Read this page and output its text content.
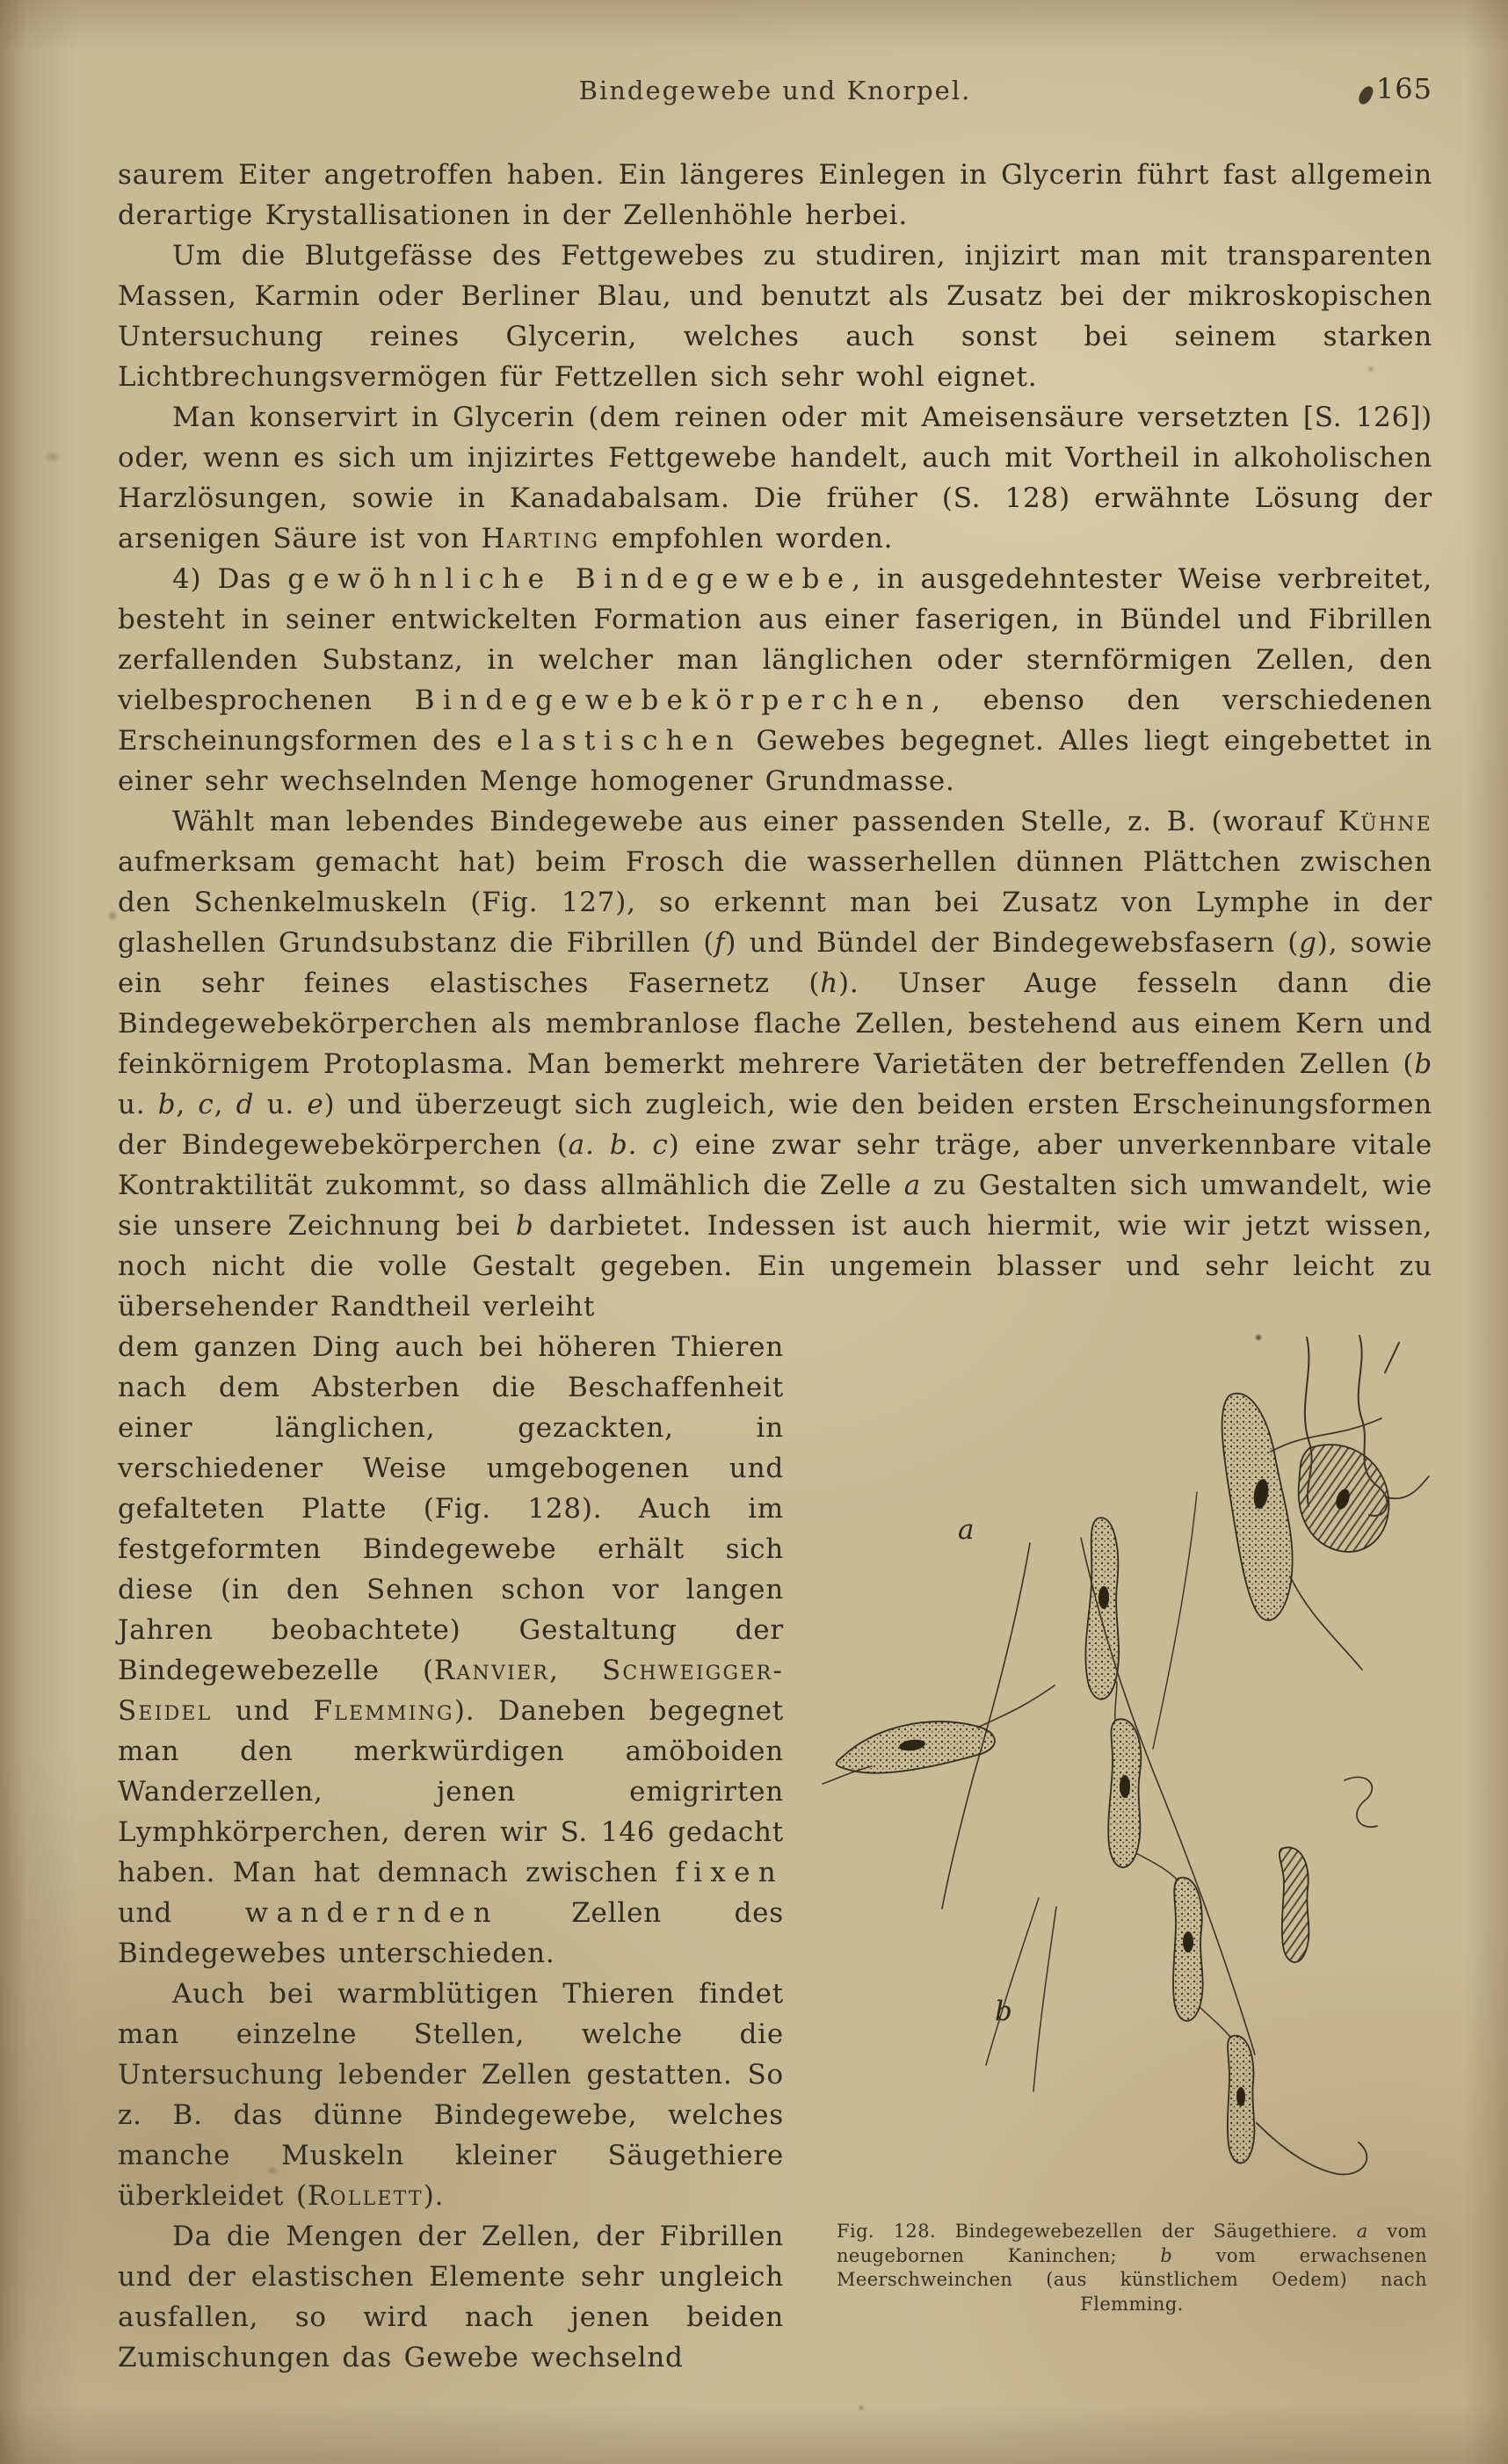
Bindegewebe und Knorpel.	165

saurem Eiter angetroffen haben. Ein längeres Einlegen in Glycerin führt fast allgemein derartige Krystallisationen in der Zellenhöhle herbei.

Um die Blutgefässe des Fettgewebes zu studiren, injizirt man mit transparenten Massen, Karmin oder Berliner Blau, und benutzt als Zusatz bei der mikroskopischen Untersuchung reines Glycerin, welches auch sonst bei seinem starken Lichtbrechungsvermögen für Fettzellen sich sehr wohl eignet.

Man konservirt in Glycerin (dem reinen oder mit Ameisensäure versetzten [S. 126]) oder, wenn es sich um injizirtes Fettgewebe handelt, auch mit Vortheil in alkoholischen Harzlösungen, sowie in Kanadabalsam. Die früher (S. 128) erwähnte Lösung der arsenigen Säure ist von Harting empfohlen worden.

4) Das gewöhnliche Bindegewebe, in ausgedehntester Weise verbreitet, besteht in seiner entwickelten Formation aus einer faserigen, in Bündel und Fibrillen zerfallenden Substanz, in welcher man länglichen oder sternförmigen Zellen, den vielbesprochenen Bindegewebekörperchen, ebenso den verschiedenen Erscheinungsformen des elastischen Gewebes begegnet. Alles liegt eingebettet in einer sehr wechselnden Menge homogener Grundmasse.

Wählt man lebendes Bindegewebe aus einer passenden Stelle, z. B. (worauf Kühne aufmerksam gemacht hat) beim Frosch die wasserhellen dünnen Plättchen zwischen den Schenkelmuskeln (Fig. 127), so erkennt man bei Zusatz von Lymphe in der glashellen Grundsubstanz die Fibrillen (f) und Bündel der Bindegewebsfasern (g), sowie ein sehr feines elastisches Fasernetz (h). Unser Auge fesseln dann die Bindegewebekörperchen als membranlose flache Zellen, bestehend aus einem Kern und feinkörnigem Protoplasma. Man bemerkt mehrere Varietäten der betreffenden Zellen (b u. b, c, d u. e) und überzeugt sich zugleich, wie den beiden ersten Erscheinungsformen der Bindegewebekörperchen (a. b. c) eine zwar sehr träge, aber unverkennbare vitale Kontraktilität zukommt, so dass allmählich die Zelle a zu Gestalten sich umwandelt, wie sie unsere Zeichnung bei b darbietet. Indessen ist auch hiermit, wie wir jetzt wissen, noch nicht die volle Gestalt gegeben. Ein ungemein blasser und sehr leicht zu übersehender Randtheil verleiht

a
b
Fig. 128. Bindegewebezellen der Säugethiere. a vom neugebornen Kaninchen; b vom erwachsenen Meerschweinchen (aus künstlichem Oedem) nach Flemming.

dem ganzen Ding auch bei höheren Thieren nach dem Absterben die Beschaffenheit einer länglichen, gezackten, in verschiedener Weise umgebogenen und gefalteten Platte (Fig. 128). Auch im festgeformten Bindegewebe erhält sich diese (in den Sehnen schon vor langen Jahren beobachtete) Gestaltung der Bindegewebezelle (Ranvier, Schweigger-Seidel und Flemming). Daneben begegnet man den merkwürdigen amöboiden Wanderzellen, jenen emigrirten Lymphkörperchen, deren wir S. 146 gedacht haben. Man hat demnach zwischen fixen und wandernden Zellen des Bindegewebes unterschieden.

Auch bei warmblütigen Thieren findet man einzelne Stellen, welche die Untersuchung lebender Zellen gestatten. So z. B. das dünne Bindegewebe, welches manche Muskeln kleiner Säugethiere überkleidet (Rollett).

Da die Mengen der Zellen, der Fibrillen und der elastischen Elemente sehr ungleich ausfallen, so wird nach jenen beiden Zumischungen das Gewebe wechselnd
